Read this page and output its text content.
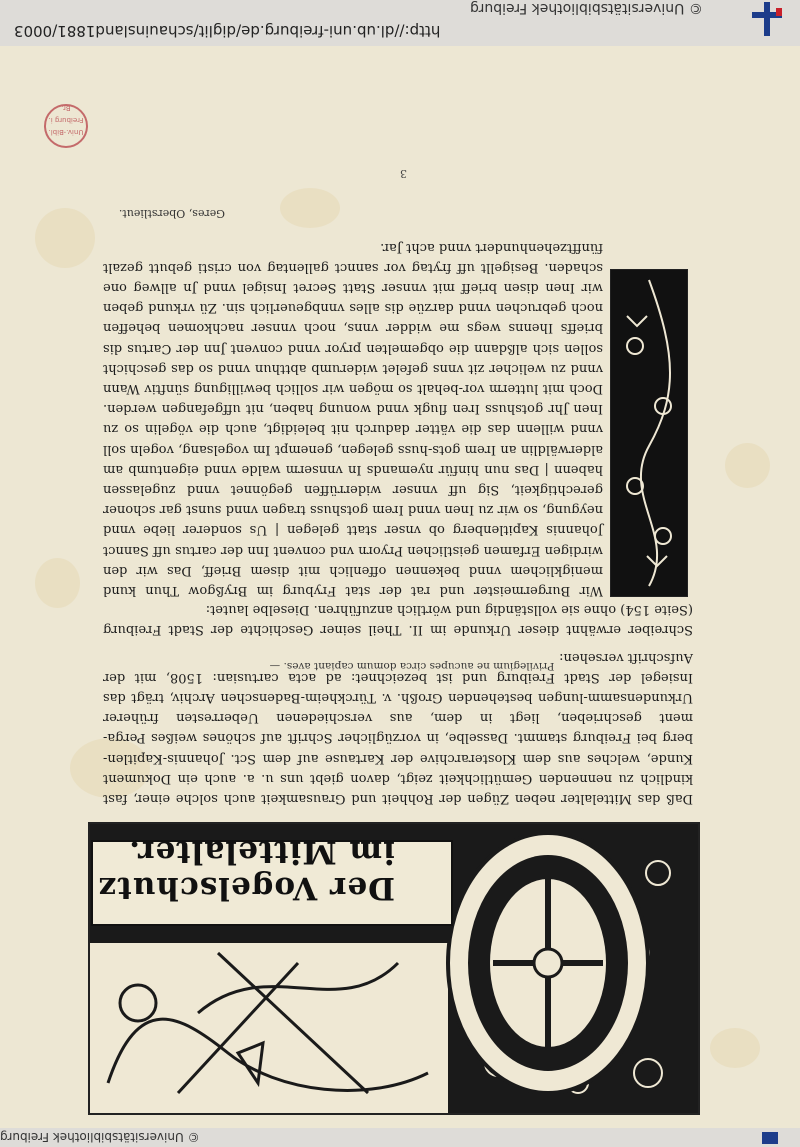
http://dl.ub.uni-freiburg.de/diglit/schauinsland1881/0003
© Universitätsbibliothek Freiburg
Der Vogelschutz im Mittelalter.
Daß das Mittelalter neben Zügen der Rohheit und Grausamkeit auch solche einer, fast kindlich zu nennenden Gemütlichkeit zeigt, davon giebt uns u. a. auch ein Dokument Kunde, welches aus dem Klosterarchive der Kartause auf dem Sct. Johannis-Kapitlen-berg bei Freiburg stammt. Dasselbe, in vorzüglicher Schrift auf schönes weißes Perga-ment geschrieben, liegt in dem, aus verschiedenen Ueberresten früherer Urkundensamm-lungen bestehenden Großh. v. Türckheim-Badenschen Archiv, trägt das Insiegel der Stadt Freiburg und ist bezeichnet: ad acta cartusian: 1508, mit der Aufschrift versehen:
Privilegium ne aucupes circa domum capiant aves. —
Schreiber erwähnt dieser Urkunde im II. Theil seiner Geschichte der Stadt Freiburg (Seite 154) ohne sie vollständig und wörtlich anzuführen. Dieselbe lautet:
Wir Burgermeister und rat der stat Fryburg im Bryßgow Thun kund menigklichem vnnd bekennen offenlich mit disem Brieff, Das wir den wirdigen Erfamen geistlichen Pryorn vnd convent Inn der cartus uff Sannct Johannis Kapitlenberg ob vnser statt gelegen | Us sonderer liebe vnnd neygung, so wir zu Inen vnnd Irem gotshuss tragen vnnd sunst gar schoner gerechtigkeit, Sig uff vnnser widerrüffen gegönnet vnnd zugelassen habenn | Das nun hinfür nyemands In vnnserm walde vnnd eigentumb am alderwäldlin an Irem gots-huss gelegen, genempt Im vogelsang, vogeln soll vnnd willenn das die vätter dadurch nit beleidigt, auch die vögelin so zu Inen Jhr gotshuss Iren flugk vnnd wonung haben, nit uffgefangen werden. Doch mit lutterm vor-behalt so mögen wir sollich bewilligung sünftiv Wann vnnd zu welicher zit vnns gefelet widerumb abtthun vnnd so das geschicht sollen sich alßdann die obgemelten pryor vnnd convent Jnn der Cartus dis brieffs Ihenns wegs me widder vnns, noch vnnser nachkomen beheffen noch gebruchen vnnd darzüe dis alles vnnbgeuerlich sin. Zü vrkund geben wir Inen disen brieff mit vnnser Statt Secret Insigel vnnd Jn allweg one schaden. Besigellt uff frytag vor sannct gallentag von cristi gebutt gezalt fünfftzehenhundert vnnd acht Jar.
Geres, Oberstlieut.
3
Univ.-Bibl. Freiburg i. Br.
© Universitätsbibliothek Freiburg
